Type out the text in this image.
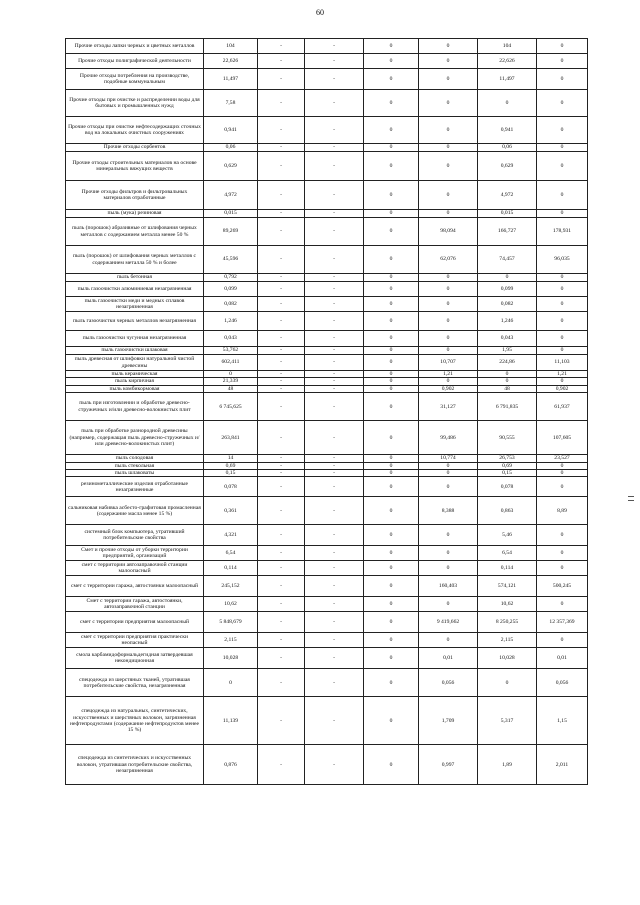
60
Прочие отходы лапки черных и цветных металлов	104	-	-	0	0	104	0
Прочие отходы полиграфической деятельности	22,626	-	-	0	0	22,626	0
Прочие отходы потребления на производстве, подобные коммунальным	11,497	-	-	0	0	11,497	0
Прочие отходы при очистке и распределении воды для бытовых и промышленных нужд	7,58	-	-	0	0	0	0
Прочие отходы при очистке нефтесодержащих сточных вод на локальных очистных сооружениях	0,941	-	-	0	0	0,941	0
Прочие отходы сорбентов	0,06	-	-	0	0	0,06	0
Прочие отходы строительных материалов на основе минеральных вяжущих веществ	0,629	-	-	0	0	0,629	0
Прочие отходы фильтров и фильтровальных материалов отработанные	4,972	-	-	0	0	4,972	0
пыль (мука) резиновая	0,015	-	-	0	0	0,015	0
пыль (порошок) абразивные от шлифования черных металлов с содержанием металла менее 50 %	89,269	-	-	0	98,094	166,727	178,931
пыль (порошок) от шлифования черных металлов с содержанием металла 50 % и более	45,596	-	-	0	62,076	74,457	96,035
пыль бетонная	0,792	-	-	0	0	0	0
пыль газоочистки алюминиевая незагрязненная	0,099	-	-	0	0	0,099	0
пыль газоочистки меди и медных сплавов незагрязненная	0,082	-	-	0	0	0,082	0
пыль газоочистки черных металлов незагрязненная	1,246	-	-	0	0	1,246	0
пыль газоочистки чугунная незагрязненная	0,043	-	-	0	0	0,043	0
пыль газоочистки шлаковая	53,762	-	-	0	0	1,95	0
пыль древесная от шлифовки натуральной чистой древесины	602,411	-	-	0	10,707	224,86	11,103
пыль керамическая	0	-	-	0	1,21	0	1,21
пыль кирпичная	21,339	-	-	0	0	0	0
пыль комбикормовая	48	-	-	0	0,902	48	0,902
пыль при изготовлении и обработке древесно-стружечных и/или древесно-волокнистых плит	6 745,625	-	-	0	31,127	6 791,835	61,937
пыль при обработке разнородной древесины (например, содержащая пыль древесно-стружечных и/или древесно-волокнистых плит)	263,841	-	-	0	99,486	90,555	107,605
пыль солодовая	14	-	-	0	10,774	26,753	23,527
пыль стекольная	0,69	-	-	0	0	0,69	0
пыль шлаковаты	0,15	-	-	0	0	0,15	0
резинометаллические изделия отработанные незагрязненные	0,078	-	-	0	0	0,078	0
сальниковая набивка асбесто-графитовая промасленная (содержание масла менее 15 %)	0,361	-	-	0	8,388	0,863	8,89
системный блок компьютера, утративший потребительские свойства	4,321	-	-	0	0	5,46	0
Смет и прочие отходы от уборки территории предприятий, организаций	6,54	-	-	0	0	6,54	0
смет с территории автозаправочной станции малоопасный	0,114	-	-	0	0	0,114	0
смет с территории гаража, автостоянки малоопасный	245,152	-	-	0	160,403	574,121	500,245
Смет с территории гаража, автостоянки, автозаправочной станции	10,62	-	-	0	0	10,62	0
смет с территории предприятия малоопасный	5 848,679	-	-	0	9 419,662	8 250,255	12 357,369
смет с территории предприятия практически неопасный	2,115	-	-	0	0	2,115	0
смола карбамидоформальдегидная затвердевшая некондиционная	10,028	-	-	0	0,01	10,028	0,01
спецодежда из шерстяных тканей, утратившая потребительские свойства, незагрязненная	0	-	-	0	0,056	0	0,056
спецодежда из натуральных, синтетических, искусственных и шерстяных волокон, загрязненная нефтепродуктами (содержание нефтепродуктов менее 15 %)	11,139	-	-	0	1,709	5,317	1,15
спецодежда из синтетических и искусственных волокон, утратившая потребительские свойства, незагрязненная	0,876	-	-	0	0,997	1,89	2,011
